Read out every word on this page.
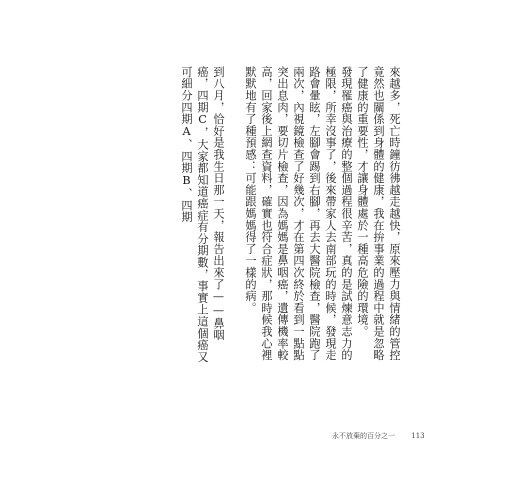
來越多，死亡時鐘彷彿越走越快，原來壓力與情緒的管控竟然也關係到身體的健康，我在拚事業的過程中就是忽略了健康的重要性，才讓身體處於一種高危險的環境。

發現罹癌與治療的整個過程很辛苦，真的是試煉意志力的極限，所幸沒事了，後來帶家人去南部玩的時候，發現走路會暈眩，左腳會踢到右腳，再去大醫院檢查，醫院跑了兩次，內視鏡檢查了好幾次，才在第四次終於看到一點點突出息肉，要切片檢查，因為媽媽是鼻咽癌，遺傳機率較高，回家後上網查資料，確實也符合症狀，那時候我心裡默默地有了種預感：可能跟媽媽得了一樣的病。

到八月，恰好是我生日那一天，報告出來了——鼻咽癌，四期C，大家都知道癌症有分期數，事實上這個癌又可細分四期A、四期B、四期

永不放棄的百分之一 113
